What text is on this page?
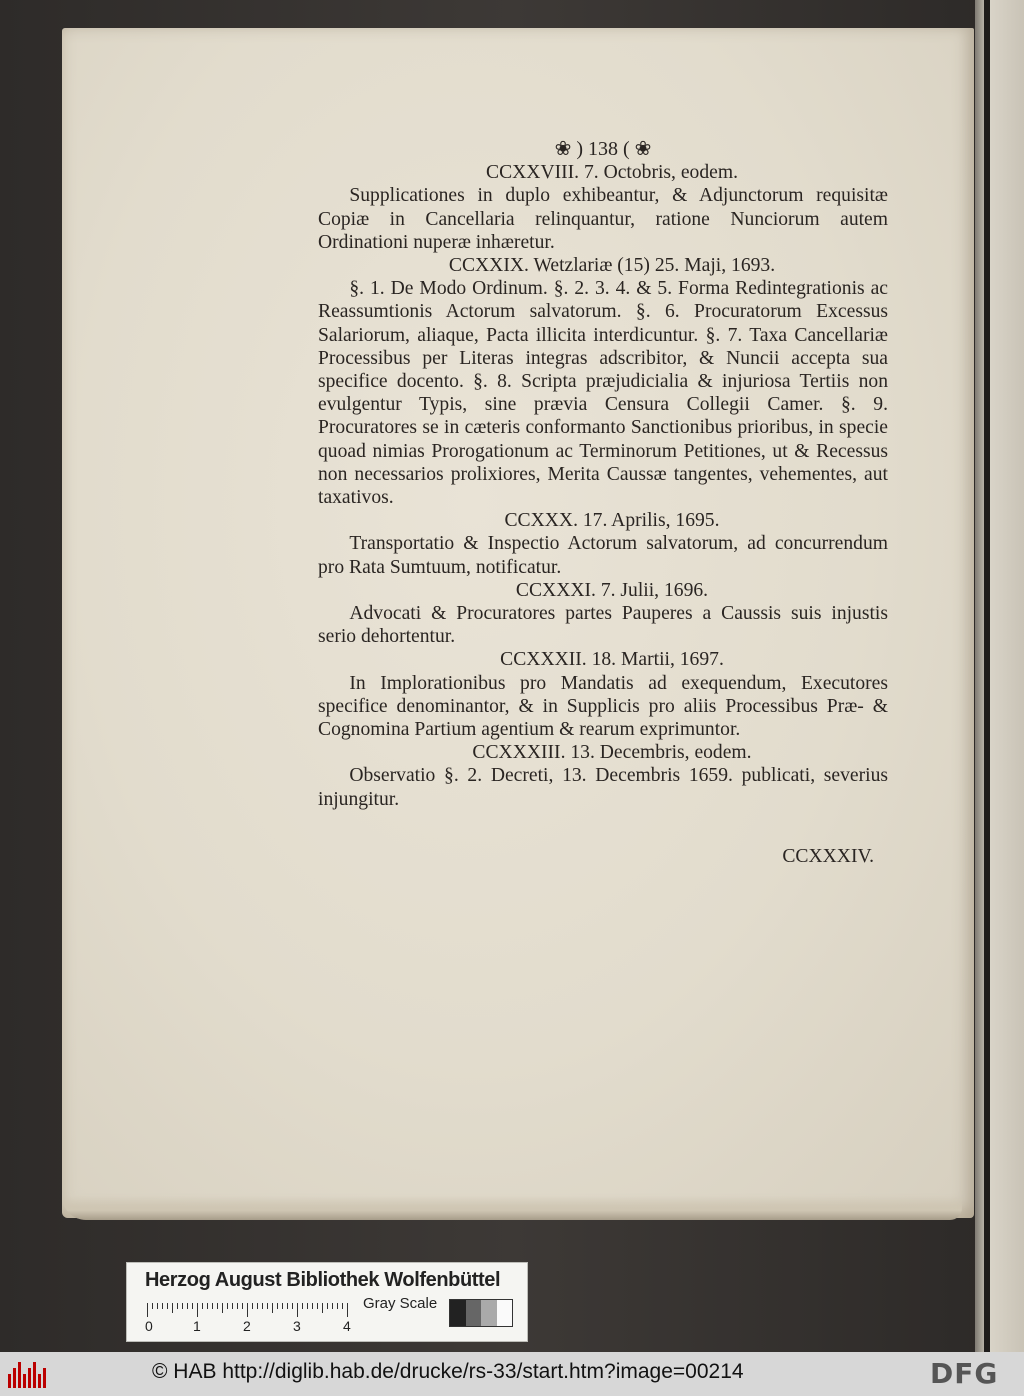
❀ ) 138 ( ❀
CCXXVIII. 7. Octobris, eodem.

Supplicationes in duplo exhibeantur, & Adjunctorum requisitæ Copiæ in Cancellaria relinquantur, ratione Nunciorum autem Ordinationi nuperæ inhæretur.

CCXXIX. Wetzlariæ (15) 25. Maji, 1693.

§. 1. De Modo Ordinum. §. 2. 3. 4. & 5. Forma Redintegrationis ac Reassumtionis Actorum salvatorum. §. 6. Procuratorum Excessus Salariorum, aliaque, Pacta illicita interdicuntur. §. 7. Taxa Cancellariæ Processibus per Literas integras adscribitor, & Nuncii accepta sua specifice docento. §. 8. Scripta præjudicialia & injuriosa Tertiis non evulgentur Typis, sine prævia Censura Collegii Camer. §. 9. Procuratores se in cæteris conformanto Sanctionibus prioribus, in specie quoad nimias Prorogationum ac Terminorum Petitiones, ut & Recessus non necessarios prolixiores, Merita Caussæ tangentes, vehementes, aut taxativos.

CCXXX. 17. Aprilis, 1695.

Transportatio & Inspectio Actorum salvatorum, ad concurrendum pro Rata Sumtuum, notificatur.

CCXXXI. 7. Julii, 1696.

Advocati & Procuratores partes Pauperes a Caussis suis injustis serio dehortentur.

CCXXXII. 18. Martii, 1697.

In Implorationibus pro Mandatis ad exequendum, Executores specifice denominantor, & in Supplicis pro aliis Processibus Præ- & Cognomina Partium agentium & rearum exprimuntor.

CCXXXIII. 13. Decembris, eodem.

Observatio §. 2. Decreti, 13. Decembris 1659. publicati, severius injungitur.

CCXXXIV.
Herzog August Bibliothek Wolfenbüttel
0	1	2	3	4
Gray Scale
© HAB http://diglib.hab.de/drucke/rs-33/start.htm?image=00214	DFG
